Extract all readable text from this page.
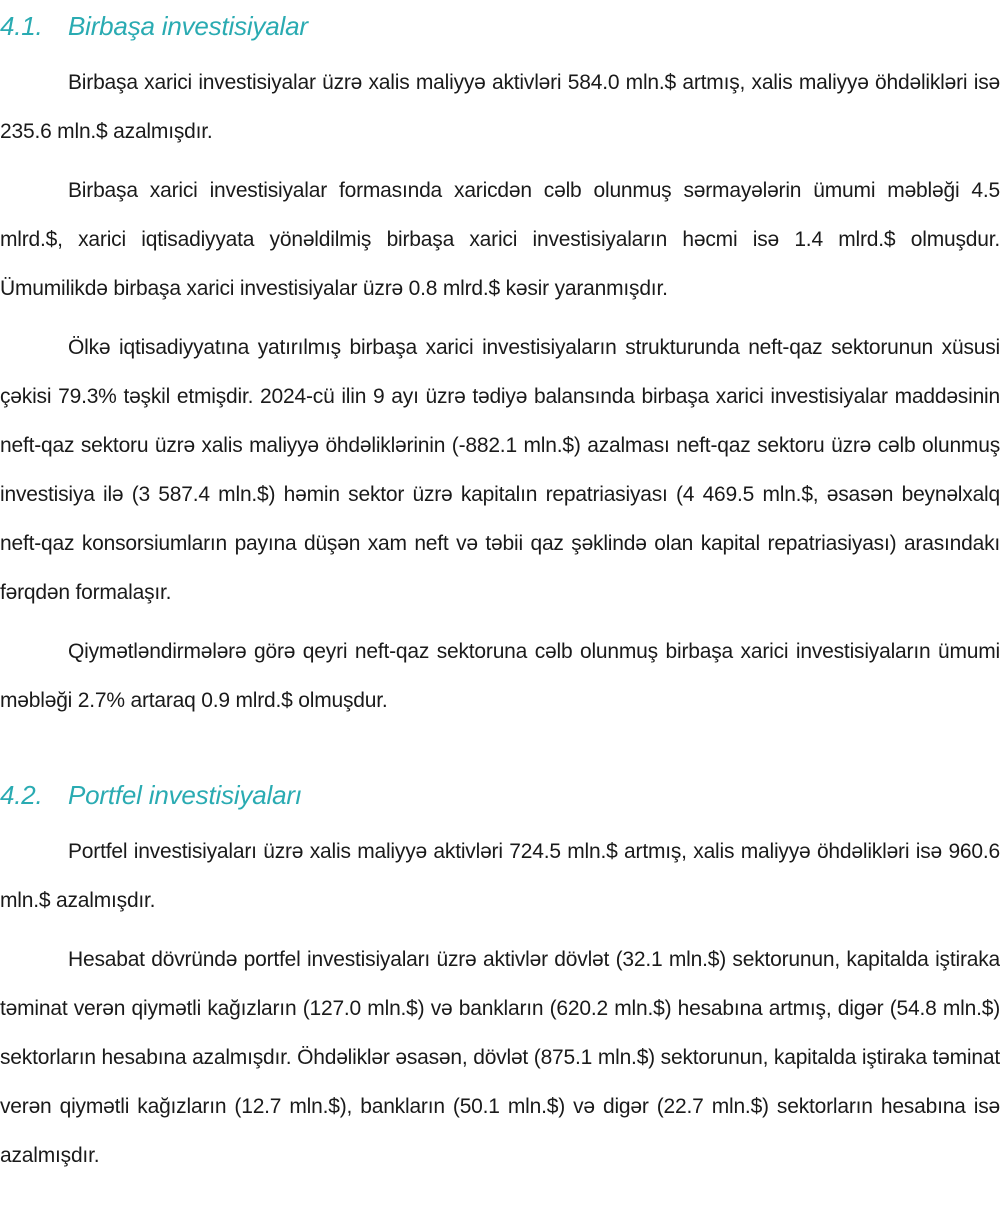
4.1. Birbaşa investisiyalar

Birbaşa xarici investisiyalar üzrə xalis maliyyə aktivləri 584.0 mln.$ artmış, xalis maliyyə öhdəlikləri isə 235.6 mln.$ azalmışdır.

Birbaşa xarici investisiyalar formasında xaricdən cəlb olunmuş sərmayələrin ümumi məbləği 4.5 mlrd.$, xarici iqtisadiyyata yönəldilmiş birbaşa xarici investisiyaların həcmi isə 1.4 mlrd.$ olmuşdur. Ümumilikdə birbaşa xarici investisiyalar üzrə 0.8 mlrd.$ kəsir yaranmışdır.

Ölkə iqtisadiyyatına yatırılmış birbaşa xarici investisiyaların strukturunda neft-qaz sektorunun xüsusi çəkisi 79.3% təşkil etmişdir. 2024-cü ilin 9 ayı üzrə tədiyə balansında birbaşa xarici investisiyalar maddəsinin neft-qaz sektoru üzrə xalis maliyyə öhdəliklərinin (-882.1 mln.$) azalması neft-qaz sektoru üzrə cəlb olunmuş investisiya ilə (3 587.4 mln.$) həmin sektor üzrə kapitalın repatriasiyası (4 469.5 mln.$, əsasən beynəlxalq neft-qaz konsorsiumların payına düşən xam neft və təbii qaz şəklində olan kapital repatriasiyası) arasındakı fərqdən formalaşır.

Qiymətləndirmələrə görə qeyri neft-qaz sektoruna cəlb olunmuş birbaşa xarici investisiyaların ümumi məbləği 2.7% artaraq 0.9 mlrd.$ olmuşdur.

4.2. Portfel investisiyaları

Portfel investisiyaları üzrə xalis maliyyə aktivləri 724.5 mln.$ artmış, xalis maliyyə öhdəlikləri isə 960.6 mln.$ azalmışdır.

Hesabat dövründə portfel investisiyaları üzrə aktivlər dövlət (32.1 mln.$) sektorunun, kapitalda iştiraka təminat verən qiymətli kağızların (127.0 mln.$) və bankların (620.2 mln.$) hesabına artmış, digər (54.8 mln.$) sektorların hesabına azalmışdır. Öhdəliklər əsasən, dövlət (875.1 mln.$) sektorunun, kapitalda iştiraka təminat verən qiymətli kağızların (12.7 mln.$), bankların (50.1 mln.$) və digər (22.7 mln.$) sektorların hesabına isə azalmışdır.
